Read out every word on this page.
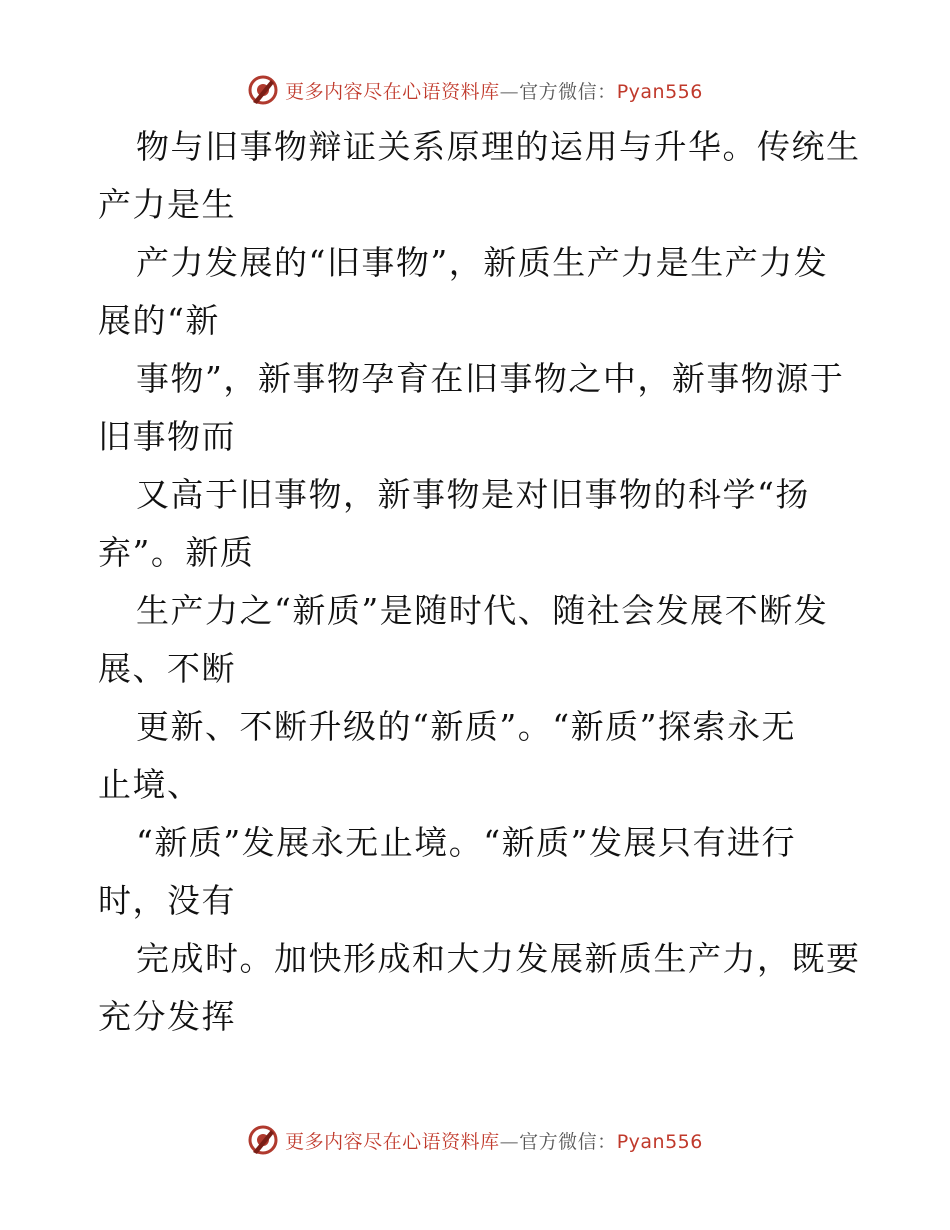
更多内容尽在心语资料库—官方微信：Pyan556
物与旧事物辩证关系原理的运用与升华。传统生
产力是生
产力发展的“旧事物”，新质生产力是生产力发
展的“新
事物”，新事物孕育在旧事物之中，新事物源于
旧事物而
又高于旧事物，新事物是对旧事物的科学“扬
弃”。新质
生产力之“新质”是随时代、随社会发展不断发
展、不断
更新、不断升级的“新质”。“新质”探索永无
止境、
“新质”发展永无止境。“新质”发展只有进行
时，没有
完成时。加快形成和大力发展新质生产力，既要
充分发挥
更多内容尽在心语资料库—官方微信：Pyan556
